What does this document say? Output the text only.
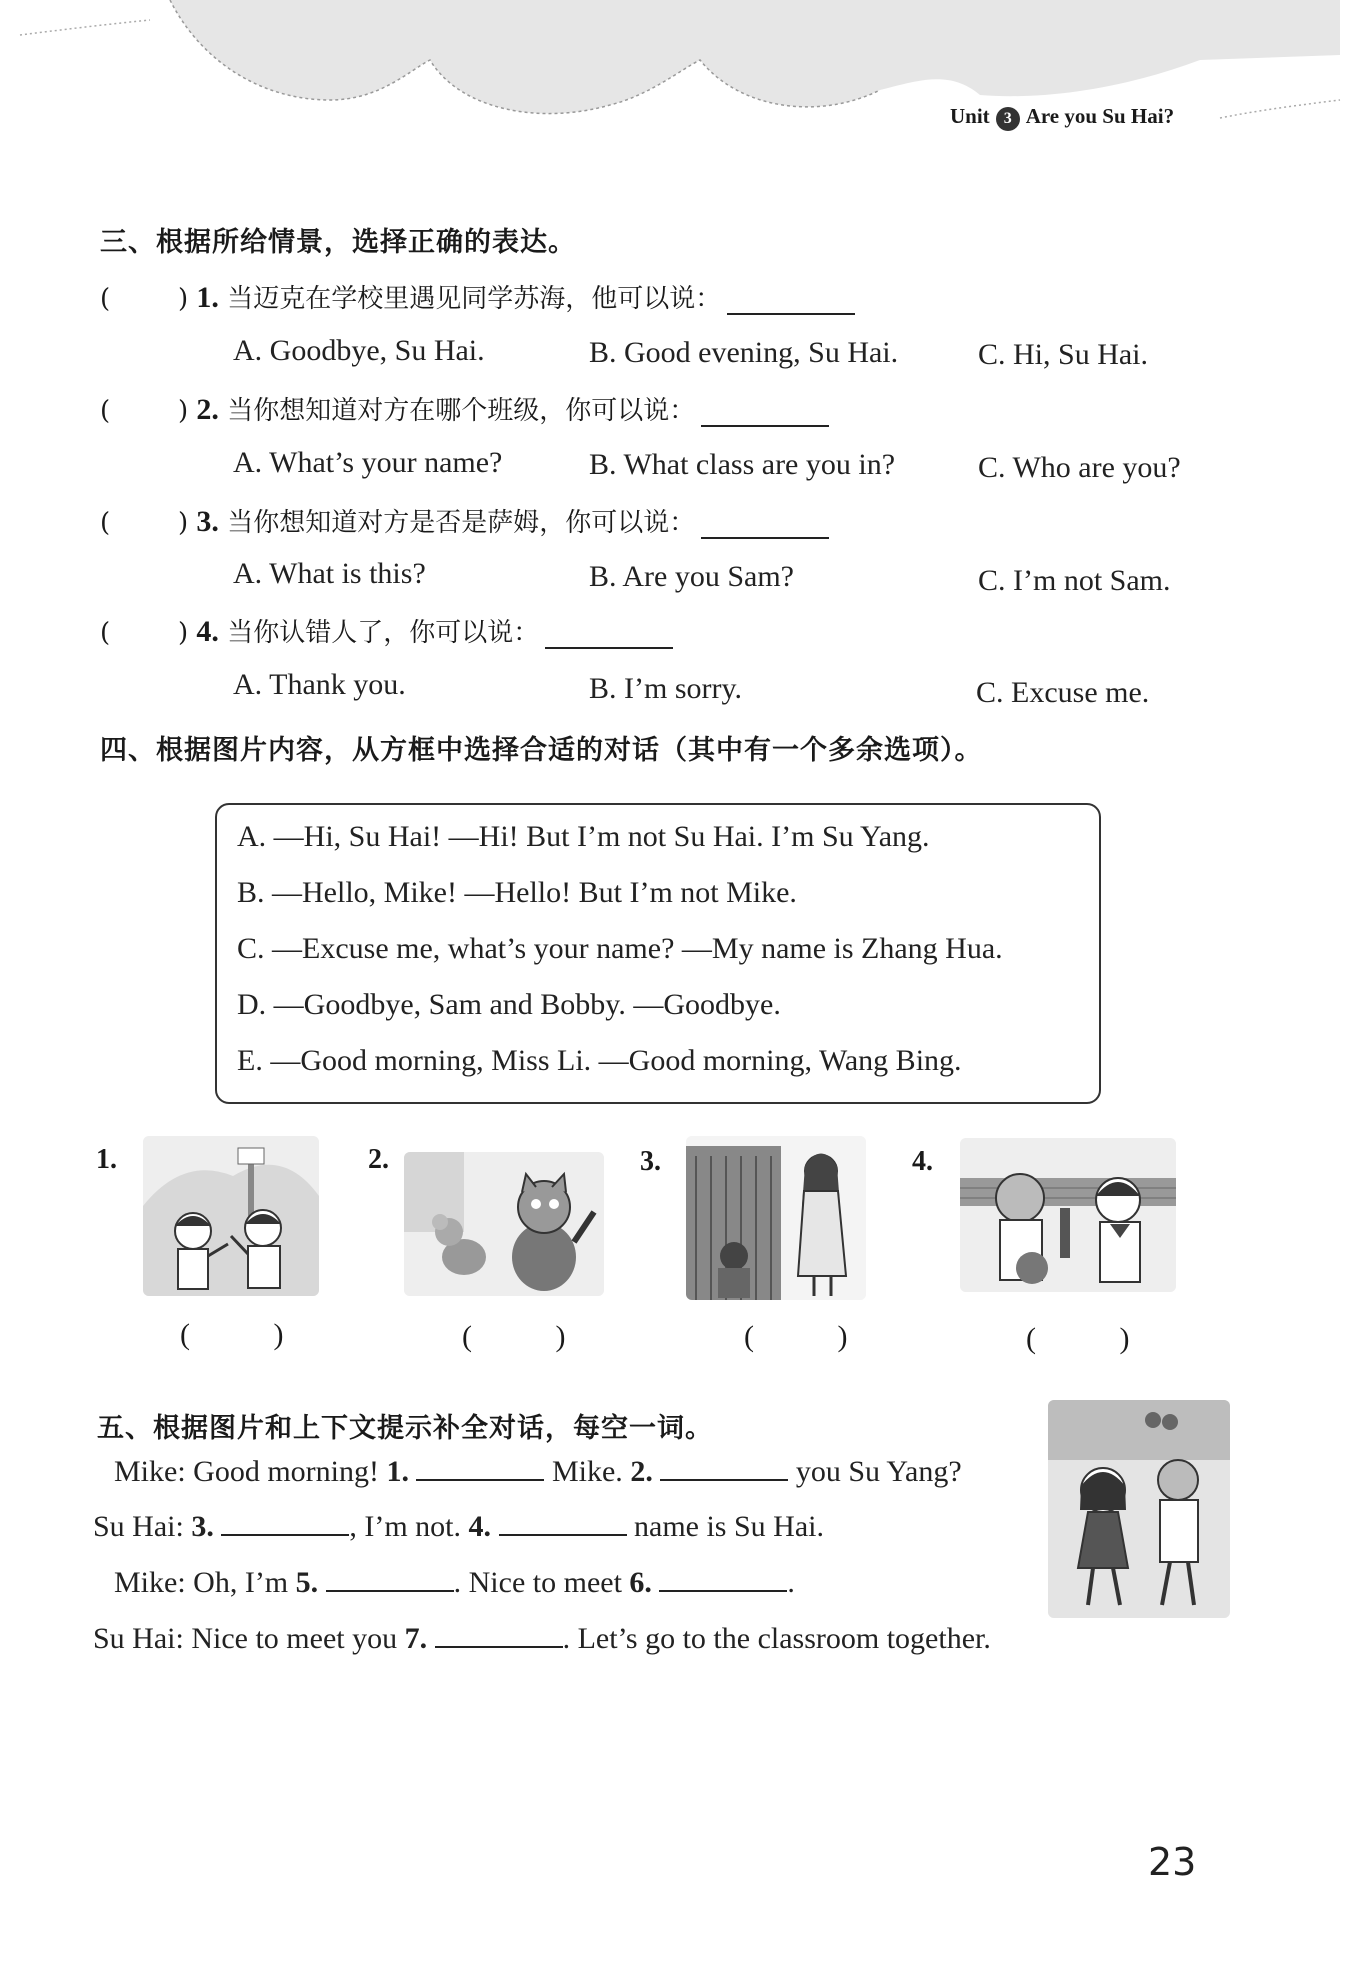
Unit 3 Are you Su Hai?
三、根据所给情景，选择正确的表达。
(	) 1. 当迈克在学校里遇见同学苏海，他可以说：
A. Goodbye, Su Hai.	B. Good evening, Su Hai.	C. Hi, Su Hai.
(	) 2. 当你想知道对方在哪个班级，你可以说：
A. What’s your name?	B. What class are you in?	C. Who are you?
(	) 3. 当你想知道对方是否是萨姆，你可以说：
A. What is this?	B. Are you Sam?	C. I’m not Sam.
(	) 4. 当你认错人了，你可以说：
A. Thank you.	B. I’m sorry.	C. Excuse me.
四、根据图片内容，从方框中选择合适的对话（其中有一个多余选项）。
A. —Hi, Su Hai! —Hi! But I’m not Su Hai. I’m Su Yang.
B. —Hello, Mike! —Hello! But I’m not Mike.
C. —Excuse me, what’s your name? —My name is Zhang Hua.
D. —Goodbye, Sam and Bobby. —Goodbye.
E. —Good morning, Miss Li. —Good morning, Wang Bing.
1.
( )
2.
( )
3.
( )
4.
( )
五、根据图片和上下文提示补全对话，每空一词。
Mike: Good morning! 1.	Mike. 2.	you Su Yang?
Su Hai: 3.	, I’m not. 4.	name is Su Hai.
Mike: Oh, I’m 5.	. Nice to meet 6.	.
Su Hai: Nice to meet you 7.	. Let’s go to the classroom together.
23
